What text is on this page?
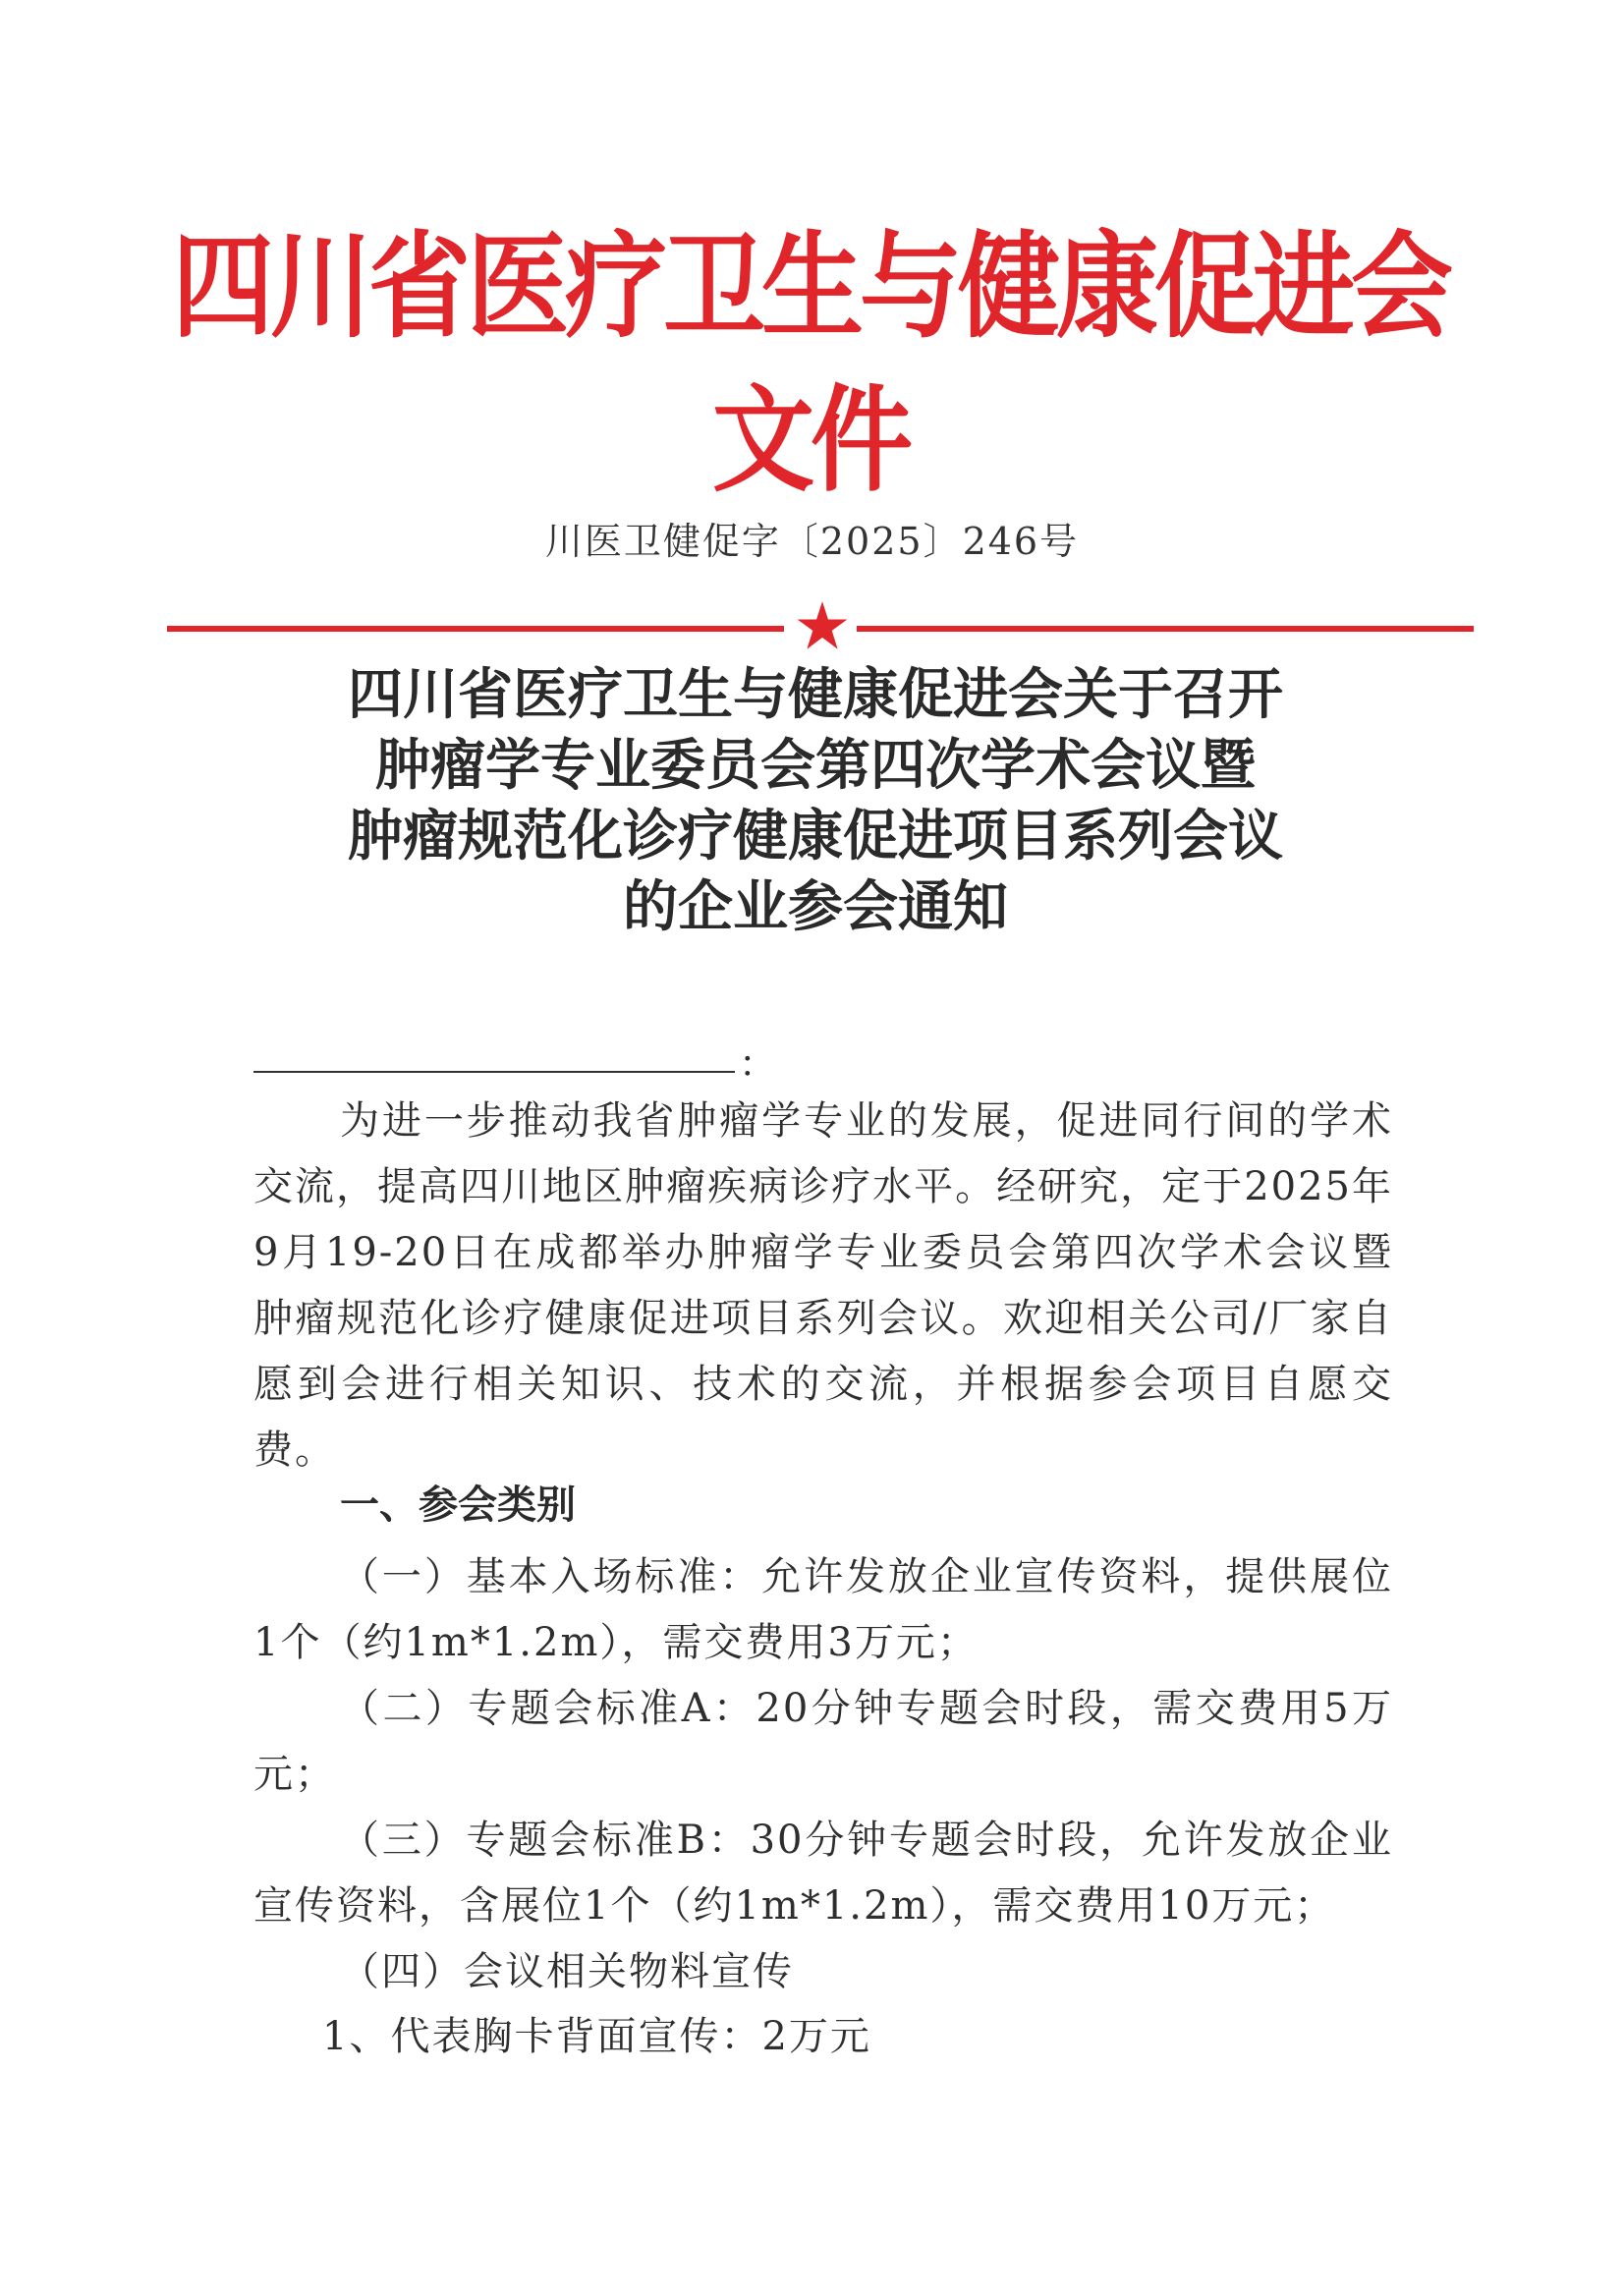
四川省医疗卫生与健康促进会文件
川医卫健促字〔2025〕246号
四川省医疗卫生与健康促进会关于召开
肿瘤学专业委员会第四次学术会议暨
肿瘤规范化诊疗健康促进项目系列会议
的企业参会通知
：
为进一步推动我省肿瘤学专业的发展，促进同行间的学术交流，提高四川地区肿瘤疾病诊疗水平。经研究，定于2025年9月19-20日在成都举办肿瘤学专业委员会第四次学术会议暨肿瘤规范化诊疗健康促进项目系列会议。欢迎相关公司/厂家自愿到会进行相关知识、技术的交流，并根据参会项目自愿交费。
一、参会类别
（一）基本入场标准：允许发放企业宣传资料，提供展位1个（约1m*1.2m），需交费用3万元；
（二）专题会标准A：20分钟专题会时段，需交费用5万元；
（三）专题会标准B：30分钟专题会时段，允许发放企业宣传资料，含展位1个（约1m*1.2m），需交费用10万元；
（四）会议相关物料宣传
1、代表胸卡背面宣传：2万元
